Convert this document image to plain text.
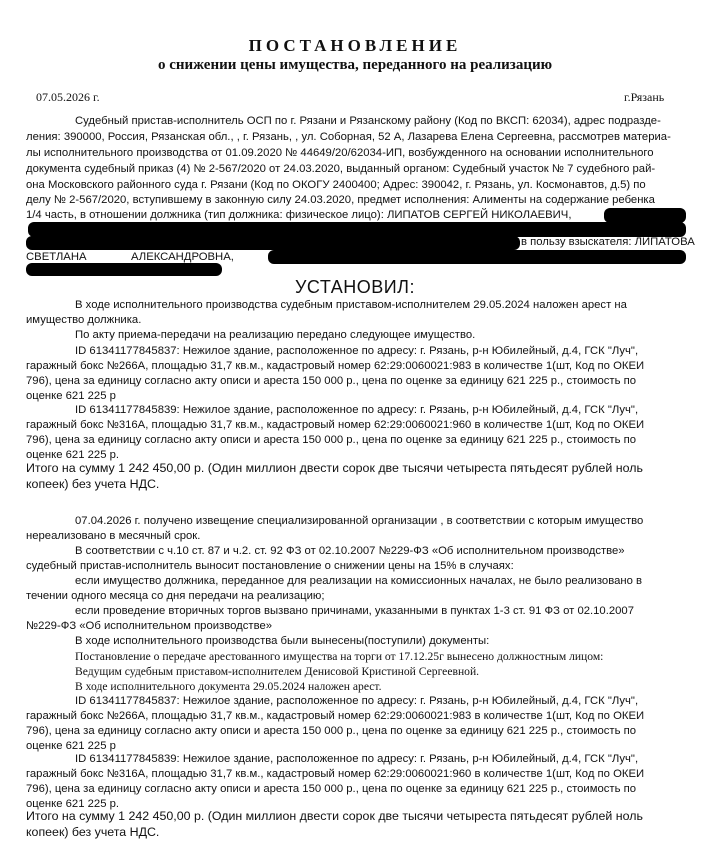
ПОСТАНОВЛЕНИЕ
о снижении цены имущества, переданного на реализацию
07.05.2026 г.	г.Рязань
Судебный пристав-исполнитель ОСП по г. Рязани и Рязанскому району (Код по ВКСП: 62034), адрес подразде-
ления: 390000, Россия, Рязанская обл., , г. Рязань, , ул. Соборная, 52 А, Лазарева Елена Сергеевна, рассмотрев материа-
лы исполнительного производства от 01.09.2020 № 44649/20/62034-ИП, возбужденного на основании исполнительного
документа судебный приказ (4) № 2-567/2020 от 24.03.2020, выданный органом: Судебный участок № 7 судебного рай-
она Московского районного суда г. Рязани (Код по ОКОГУ 2400400; Адрес: 390042, г. Рязань, ул. Космонавтов, д.5) по
делу № 2-567/2020, вступившему в законную силу 24.03.2020, предмет исполнения: Алименты на содержание ребенка
1/4 часть, в отношении должника (тип должника: физическое лицо): ЛИПАТОВ СЕРГЕЙ НИКОЛАЕВИЧ,
в пользу взыскателя: ЛИПАТОВА
СВЕТЛАНА	АЛЕКСАНДРОВНА,
УСТАНОВИЛ:
В ходе исполнительного производства судебным приставом-исполнителем 29.05.2024 наложен арест на
имущество должника.
По акту приема-передачи на реализацию передано следующее имущество.
ID 61341177845837: Нежилое здание, расположенное по адресу: г. Рязань, р-н Юбилейный, д.4, ГСК "Луч",
гаражный бокс №266А, площадью 31,7 кв.м., кадастровый номер 62:29:0060021:983 в количестве 1(шт, Код по ОКЕИ
796), цена за единицу согласно акту описи и ареста 150 000 р., цена по оценке за единицу 621 225 р., стоимость по
оценке 621 225 р
ID 61341177845839: Нежилое здание, расположенное по адресу: г. Рязань, р-н Юбилейный, д.4, ГСК "Луч",
гаражный бокс №316А, площадью 31,7 кв.м., кадастровый номер 62:29:0060021:960 в количестве 1(шт, Код по ОКЕИ
796), цена за единицу согласно акту описи и ареста 150 000 р., цена по оценке за единицу 621 225 р., стоимость по
оценке 621 225 р.
Итого на сумму 1 242 450,00 р. (Один миллион двести сорок две тысячи четыреста пятьдесят рублей ноль
копеек) без учета НДС.
07.04.2026 г. получено извещение специализированной организации , в соответствии с которым имущество
нереализовано в месячный срок.
В соответствии с ч.10 ст. 87 и ч.2. ст. 92 ФЗ от 02.10.2007 №229-ФЗ «Об исполнительном производстве»
судебный пристав-исполнитель выносит постановление о снижении цены на 15% в случаях:
если имущество должника, переданное для реализации на комиссионных началах, не было реализовано в
течении одного месяца со дня передачи на реализацию;
если проведение вторичных торгов вызвано причинами, указанными в пунктах 1-3 ст. 91 ФЗ от 02.10.2007
№229-ФЗ «Об исполнительном производстве»
В ходе исполнительного производства были вынесены(поступили) документы:
Постановление о передаче арестованного имущества на торги от 17.12.25г вынесено должностным лицом:
Ведущим судебным приставом-исполнителем Денисовой Кристиной Сергеевной.
В ходе исполнительного документа 29.05.2024 наложен арест.
ID 61341177845837: Нежилое здание, расположенное по адресу: г. Рязань, р-н Юбилейный, д.4, ГСК "Луч",
гаражный бокс №266А, площадью 31,7 кв.м., кадастровый номер 62:29:0060021:983 в количестве 1(шт, Код по ОКЕИ
796), цена за единицу согласно акту описи и ареста 150 000 р., цена по оценке за единицу 621 225 р., стоимость по
оценке 621 225 р
ID 61341177845839: Нежилое здание, расположенное по адресу: г. Рязань, р-н Юбилейный, д.4, ГСК "Луч",
гаражный бокс №316А, площадью 31,7 кв.м., кадастровый номер 62:29:0060021:960 в количестве 1(шт, Код по ОКЕИ
796), цена за единицу согласно акту описи и ареста 150 000 р., цена по оценке за единицу 621 225 р., стоимость по
оценке 621 225 р.
Итого на сумму 1 242 450,00 р. (Один миллион двести сорок две тысячи четыреста пятьдесят рублей ноль
копеек) без учета НДС.
